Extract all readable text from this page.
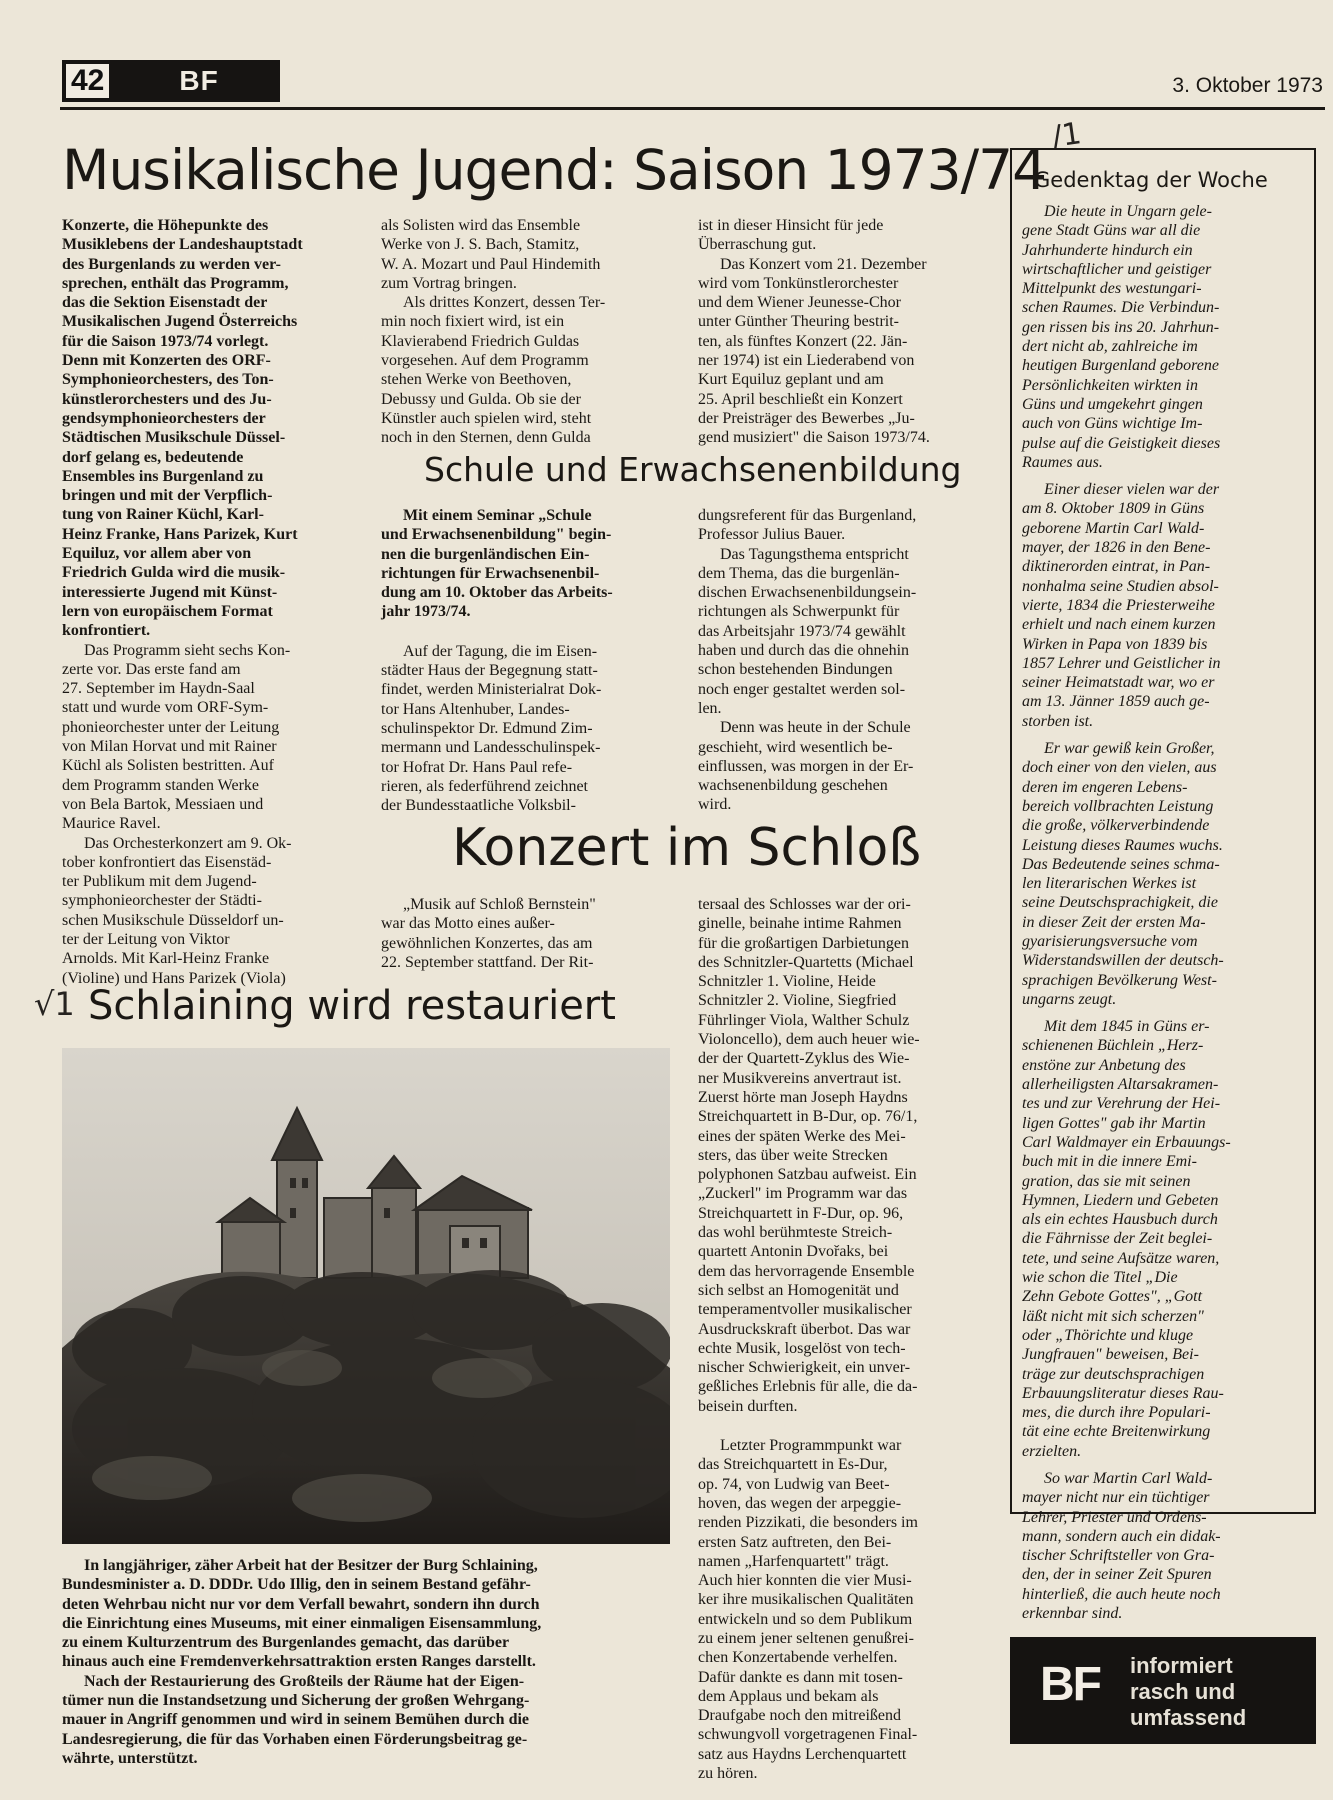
42	BF	3. Oktober 1973
Musikalische Jugend: Saison 1973/74
Schule und Erwachsenenbildung
Konzert im Schloß
Schlaining wird restauriert
/1
√1

Konzerte, die Höhepunkte des
Musiklebens der Landeshauptstadt
des Burgenlands zu werden ver-
sprechen, enthält das Programm,
das die Sektion Eisenstadt der
Musikalischen Jugend Österreichs
für die Saison 1973/74 vorlegt.
Denn mit Konzerten des ORF-
Symphonieorchesters, des Ton-
künstlerorchesters und des Ju-
gendsymphonieorchesters der
Städtischen Musikschule Düssel-
dorf gelang es, bedeutende
Ensembles ins Burgenland zu
bringen und mit der Verpflich-
tung von Rainer Küchl, Karl-
Heinz Franke, Hans Parizek, Kurt
Equiluz, vor allem aber von
Friedrich Gulda wird die musik-
interessierte Jugend mit Künst-
lern von europäischem Format
konfrontiert.

Das Programm sieht sechs Kon-
zerte vor. Das erste fand am
27. September im Haydn-Saal
statt und wurde vom ORF-Sym-
phonieorchester unter der Leitung
von Milan Horvat und mit Rainer
Küchl als Solisten bestritten. Auf
dem Programm standen Werke
von Bela Bartok, Messiaen und
Maurice Ravel.

Das Orchesterkonzert am 9. Ok-
tober konfrontiert das Eisenstäd-
ter Publikum mit dem Jugend-
symphonieorchester der Städti-
schen Musikschule Düsseldorf un-
ter der Leitung von Viktor
Arnolds. Mit Karl-Heinz Franke
(Violine) und Hans Parizek (Viola)

als Solisten wird das Ensemble
Werke von J. S. Bach, Stamitz,
W. A. Mozart und Paul Hindemith
zum Vortrag bringen.

Als drittes Konzert, dessen Ter-
min noch fixiert wird, ist ein
Klavierabend Friedrich Guldas
vorgesehen. Auf dem Programm
stehen Werke von Beethoven,
Debussy und Gulda. Ob sie der
Künstler auch spielen wird, steht
noch in den Sternen, denn Gulda

ist in dieser Hinsicht für jede
Überraschung gut.

Das Konzert vom 21. Dezember
wird vom Tonkünstlerorchester
und dem Wiener Jeunesse-Chor
unter Günther Theuring bestrit-
ten, als fünftes Konzert (22. Jän-
ner 1974) ist ein Liederabend von
Kurt Equiluz geplant und am
25. April beschließt ein Konzert
der Preisträger des Bewerbes „Ju-
gend musiziert" die Saison 1973/74.

Mit einem Seminar „Schule
und Erwachsenenbildung" begin-
nen die burgenländischen Ein-
richtungen für Erwachsenenbil-
dung am 10. Oktober das Arbeits-
jahr 1973/74.

Auf der Tagung, die im Eisen-
städter Haus der Begegnung statt-
findet, werden Ministerialrat Dok-
tor Hans Altenhuber, Landes-
schulinspektor Dr. Edmund Zim-
mermann und Landesschulinspek-
tor Hofrat Dr. Hans Paul refe-
rieren, als federführend zeichnet
der Bundesstaatliche Volksbil-

dungsreferent für das Burgenland,
Professor Julius Bauer.

Das Tagungsthema entspricht
dem Thema, das die burgenlän-
dischen Erwachsenenbildungsein-
richtungen als Schwerpunkt für
das Arbeitsjahr 1973/74 gewählt
haben und durch das die ohnehin
schon bestehenden Bindungen
noch enger gestaltet werden sol-
len.

Denn was heute in der Schule
geschieht, wird wesentlich be-
einflussen, was morgen in der Er-
wachsenenbildung geschehen
wird.

„Musik auf Schloß Bernstein"
war das Motto eines außer-
gewöhnlichen Konzertes, das am
22. September stattfand. Der Rit-

tersaal des Schlosses war der ori-
ginelle, beinahe intime Rahmen
für die großartigen Darbietungen
des Schnitzler-Quartetts (Michael
Schnitzler 1. Violine, Heide
Schnitzler 2. Violine, Siegfried
Führlinger Viola, Walther Schulz
Violoncello), dem auch heuer wie-
der der Quartett-Zyklus des Wie-
ner Musikvereins anvertraut ist.
Zuerst hörte man Joseph Haydns
Streichquartett in B-Dur, op. 76/1,
eines der späten Werke des Mei-
sters, das über weite Strecken
polyphonen Satzbau aufweist. Ein
„Zuckerl" im Programm war das
Streichquartett in F-Dur, op. 96,
das wohl berühmteste Streich-
quartett Antonin Dvořaks, bei
dem das hervorragende Ensemble
sich selbst an Homogenität und
temperamentvoller musikalischer
Ausdruckskraft überbot. Das war
echte Musik, losgelöst von tech-
nischer Schwierigkeit, ein unver-
geßliches Erlebnis für alle, die da-
beisein durften.

Letzter Programmpunkt war
das Streichquartett in Es-Dur,
op. 74, von Ludwig van Beet-
hoven, das wegen der arpeggie-
renden Pizzikati, die besonders im
ersten Satz auftreten, den Bei-
namen „Harfenquartett" trägt.
Auch hier konnten die vier Musi-
ker ihre musikalischen Qualitäten
entwickeln und so dem Publikum
zu einem jener seltenen genußrei-
chen Konzertabende verhelfen.
Dafür dankte es dann mit tosen-
dem Applaus und bekam als
Draufgabe noch den mitreißend
schwungvoll vorgetragenen Final-
satz aus Haydns Lerchenquartett
zu hören.

In langjähriger, zäher Arbeit hat der Besitzer der Burg Schlaining,
Bundesminister a. D. DDDr. Udo Illig, den in seinem Bestand gefähr-
deten Wehrbau nicht nur vor dem Verfall bewahrt, sondern ihn durch
die Einrichtung eines Museums, mit einer einmaligen Eisensammlung,
zu einem Kulturzentrum des Burgenlandes gemacht, das darüber
hinaus auch eine Fremdenverkehrsattraktion ersten Ranges darstellt.

Nach der Restaurierung des Großteils der Räume hat der Eigen-
tümer nun die Instandsetzung und Sicherung der großen Wehrgang-
mauer in Angriff genommen und wird in seinem Bemühen durch die
Landesregierung, die für das Vorhaben einen Förderungsbeitrag ge-
währte, unterstützt.

Gedenktag der Woche

Die heute in Ungarn gele-
gene Stadt Güns war all die
Jahrhunderte hindurch ein
wirtschaftlicher und geistiger
Mittelpunkt des westungari-
schen Raumes. Die Verbindun-
gen rissen bis ins 20. Jahrhun-
dert nicht ab, zahlreiche im
heutigen Burgenland geborene
Persönlichkeiten wirkten in
Güns und umgekehrt gingen
auch von Güns wichtige Im-
pulse auf die Geistigkeit dieses
Raumes aus.

Einer dieser vielen war der
am 8. Oktober 1809 in Güns
geborene Martin Carl Wald-
mayer, der 1826 in den Bene-
diktinerorden eintrat, in Pan-
nonhalma seine Studien absol-
vierte, 1834 die Priesterweihe
erhielt und nach einem kurzen
Wirken in Papa von 1839 bis
1857 Lehrer und Geistlicher in
seiner Heimatstadt war, wo er
am 13. Jänner 1859 auch ge-
storben ist.

Er war gewiß kein Großer,
doch einer von den vielen, aus
deren im engeren Lebens-
bereich vollbrachten Leistung
die große, völkerverbindende
Leistung dieses Raumes wuchs.
Das Bedeutende seines schma-
len literarischen Werkes ist
seine Deutschsprachigkeit, die
in dieser Zeit der ersten Ma-
gyarisierungsversuche vom
Widerstandswillen der deutsch-
sprachigen Bevölkerung West-
ungarns zeugt.

Mit dem 1845 in Güns er-
schienenen Büchlein „Herz-
enstöne zur Anbetung des
allerheiligsten Altarsakramen-
tes und zur Verehrung der Hei-
ligen Gottes" gab ihr Martin
Carl Waldmayer ein Erbauungs-
buch mit in die innere Emi-
gration, das sie mit seinen
Hymnen, Liedern und Gebeten
als ein echtes Hausbuch durch
die Fährnisse der Zeit beglei-
tete, und seine Aufsätze waren,
wie schon die Titel „Die
Zehn Gebote Gottes", „Gott
läßt nicht mit sich scherzen"
oder „Thörichte und kluge
Jungfrauen" beweisen, Bei-
träge zur deutschsprachigen
Erbauungsliteratur dieses Rau-
mes, die durch ihre Populari-
tät eine echte Breitenwirkung
erzielten.

So war Martin Carl Wald-
mayer nicht nur ein tüchtiger
Lehrer, Priester und Ordens-
mann, sondern auch ein didak-
tischer Schriftsteller von Gra-
den, der in seiner Zeit Spuren
hinterließ, die auch heute noch
erkennbar sind.

BF informiert
rasch und
umfassend
